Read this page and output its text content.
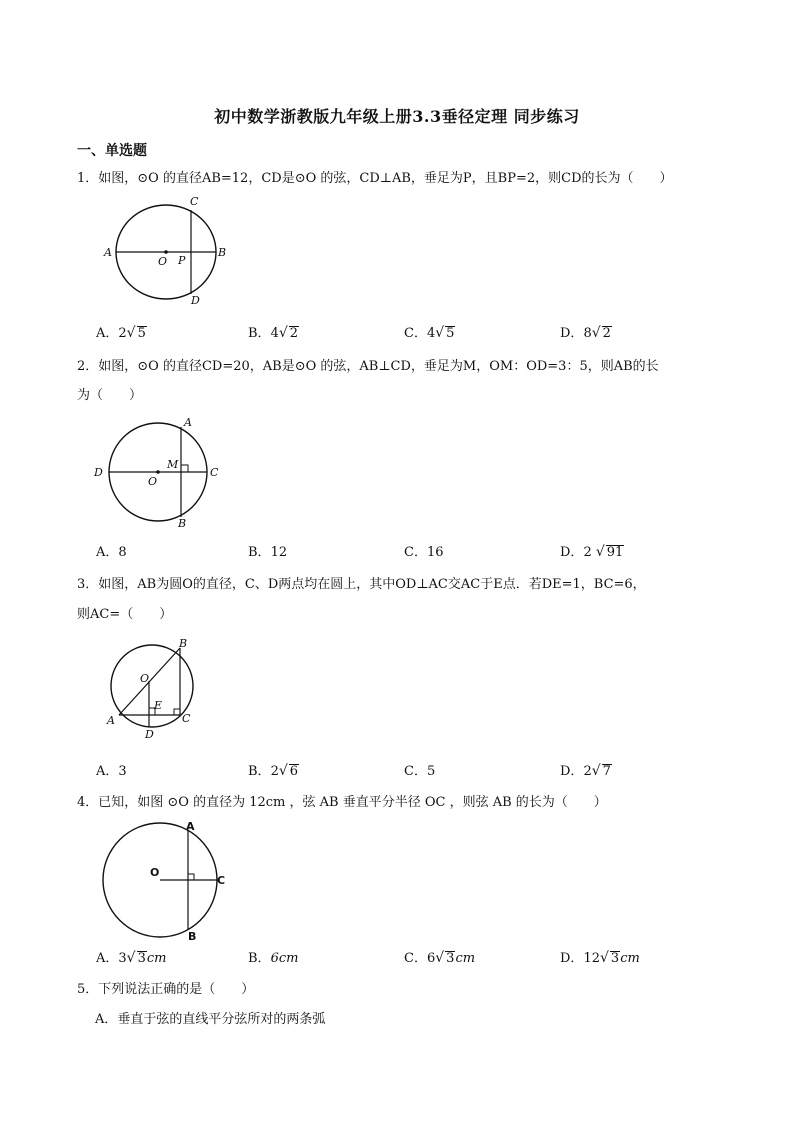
初中数学浙教版九年级上册3.3垂径定理 同步练习
一、单选题
1．如图，⊙O 的直径AB=12，CD是⊙O 的弦，CD⊥AB，垂足为P，且BP=2，则CD的长为（　　）
A	B
C
D
O P
A．2√ 5	B．4√ 2	C．4√ 5	D．8√ 2
2．如图，⊙O 的直径CD=20，AB是⊙O 的弦，AB⊥CD，垂足为M，OM：OD=3：5，则AB的长
为（　　）
D	C
A
B
O
M
A．8	B．12	C．16	D．2 √ 91
3．如图，AB为圆O的直径，C、D两点均在圆上，其中OD⊥AC交AC于E点．若DE=1，BC=6，
则AC=（　　）
A
B
C
D
O
E
A．3	B．2√ 6	C．5	D．2√ 7
4．已知，如图 ⊙O 的直径为 12cm ，弦 AB 垂直平分半径 OC ，则弦 AB 的长为（　　）
A
B
C
O
A．3√ 3cm	B．6cm	C．6√ 3cm	D．12√ 3cm
5．下列说法正确的是（　　）
A．垂直于弦的直线平分弦所对的两条弧
